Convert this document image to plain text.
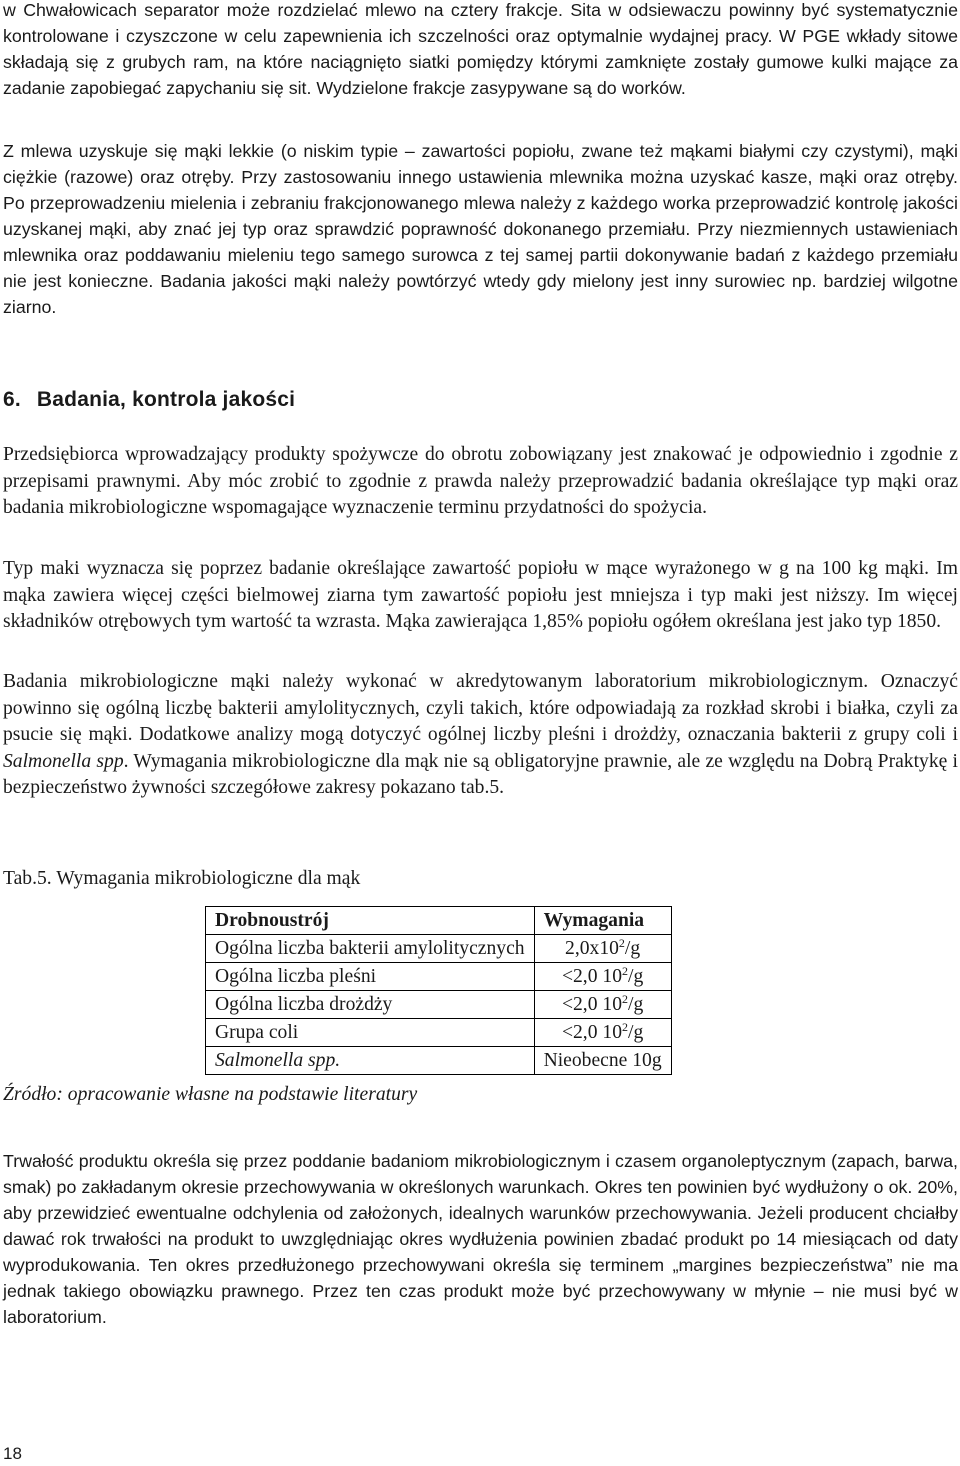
w Chwałowicach separator może rozdzielać mlewo na cztery frakcje. Sita w odsiewaczu powinny być systematycznie kontrolowane i czyszczone w celu zapewnienia ich szczelności oraz optymalnie wydajnej pracy. W PGE wkłady sitowe składają się z grubych ram, na które naciągnięto siatki pomiędzy którymi zamknięte zostały gumowe kulki mające za zadanie zapobiegać zapychaniu się sit. Wydzielone frakcje zasypywane są do worków.

Z mlewa uzyskuje się mąki lekkie (o niskim typie – zawartości popiołu, zwane też mąkami białymi czy czystymi), mąki ciężkie (razowe) oraz otręby. Przy zastosowaniu innego ustawienia mlewnika można uzyskać kasze, mąki oraz otręby. Po przeprowadzeniu mielenia i zebraniu frakcjonowanego mlewa należy z każdego worka przeprowadzić kontrolę jakości uzyskanej mąki, aby znać jej typ oraz sprawdzić poprawność dokonanego przemiału. Przy niezmiennych ustawieniach mlewnika oraz poddawaniu mieleniu tego samego surowca z tej samej partii dokonywanie badań z każdego przemiału nie jest konieczne. Badania jakości mąki należy powtórzyć wtedy gdy mielony jest inny surowiec np. bardziej wilgotne ziarno.

6. Badania, kontrola jakości

Przedsiębiorca wprowadzający produkty spożywcze do obrotu zobowiązany jest znakować je odpowiednio i zgodnie z przepisami prawnymi. Aby móc zrobić to zgodnie z prawda należy przeprowadzić badania określające typ mąki oraz badania mikrobiologiczne wspomagające wyznaczenie terminu przydatności do spożycia.

Typ maki wyznacza się poprzez badanie określające zawartość popiołu w mące wyrażonego w g na 100 kg mąki. Im mąka zawiera więcej części bielmowej ziarna tym zawartość popiołu jest mniejsza i typ maki jest niższy. Im więcej składników otrębowych tym wartość ta wzrasta. Mąka zawierająca 1,85% popiołu ogółem określana jest jako typ 1850.

Badania mikrobiologiczne mąki należy wykonać w akredytowanym laboratorium mikrobiologicznym. Oznaczyć powinno się ogólną liczbę bakterii amylolitycznych, czyli takich, które odpowiadają za rozkład skrobi i białka, czyli za psucie się mąki. Dodatkowe analizy mogą dotyczyć ogólnej liczby pleśni i drożdży, oznaczania bakterii z grupy coli i Salmonella spp. Wymagania mikrobiologiczne dla mąk nie są obligatoryjne prawnie, ale ze względu na Dobrą Praktykę i bezpieczeństwo żywności szczegółowe zakresy pokazano tab.5.

Tab.5. Wymagania mikrobiologiczne dla mąk
Drobnoustrój	Wymagania
Ogólna liczba bakterii amylolitycznych	$2,0x10^2/g$
Ogólna liczba pleśni	<2,0 $10^2/g$
Ogólna liczba drożdży	<2,0 $10^2/g$
Grupa coli	<2,0 $10^2/g$
Salmonella spp.	Nieobecne 10g
Źródło: opracowanie własne na podstawie literatury

Trwałość produktu określa się przez poddanie badaniom mikrobiologicznym i czasem organoleptycznym (zapach, barwa, smak) po zakładanym okresie przechowywania w określonych warunkach. Okres ten powinien być wydłużony o ok. 20%, aby przewidzieć ewentualne odchylenia od założonych, idealnych warunków przechowywania. Jeżeli producent chciałby dawać rok trwałości na produkt to uwzględniając okres wydłużenia powinien zbadać produkt po 14 miesiącach od daty wyprodukowania. Ten okres przedłużonego przechowywani określa się terminem „margines bezpieczeństwa” nie ma jednak takiego obowiązku prawnego. Przez ten czas produkt może być przechowywany w młynie – nie musi być w laboratorium.

18
